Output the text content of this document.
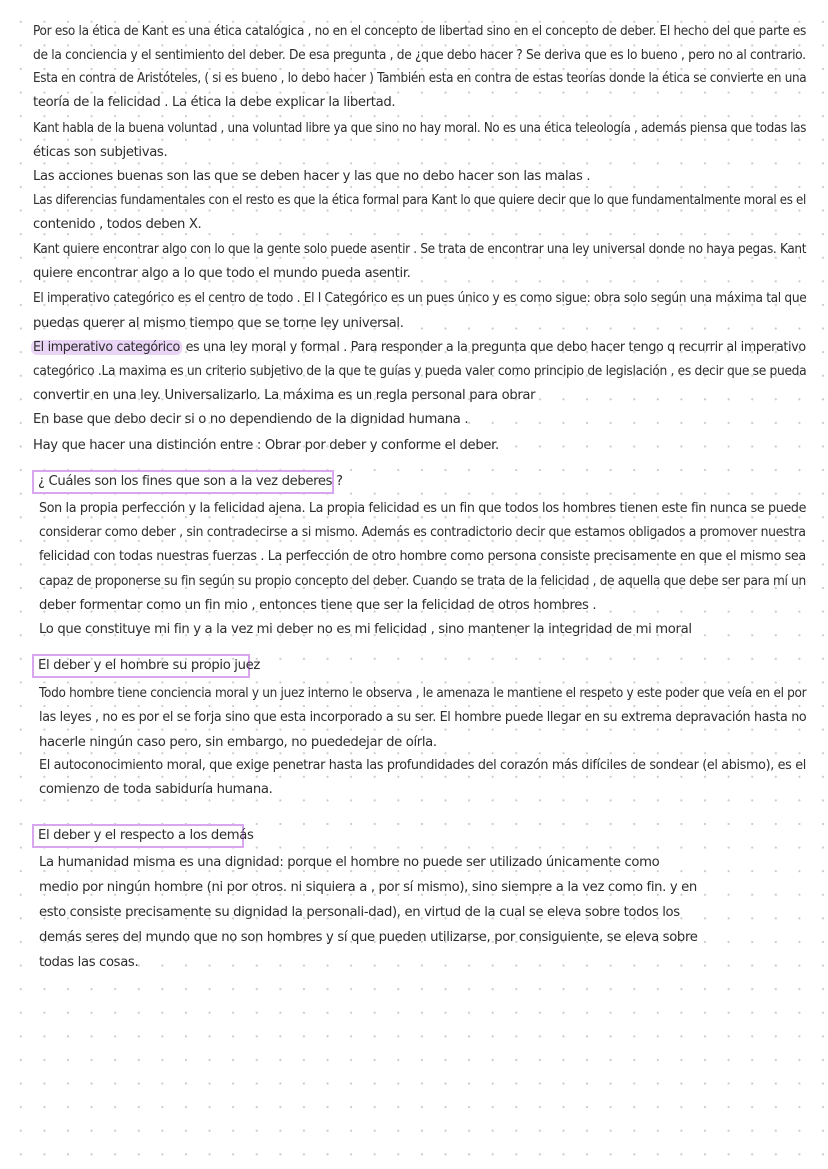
Por eso la ética de Kant es una ética catalógica , no en el concepto de libertad sino en el concepto de deber. El hecho del que parte es
de la conciencia y el sentimiento del deber. De esa pregunta , de ¿que debo hacer ? Se deriva que es lo bueno , pero no al contrario.
Esta en contra de Aristóteles, ( si es bueno , lo debo hacer ) También esta en contra de estas teorías donde la ética se convierte en una
teoría de la felicidad . La ética la debe explicar la libertad.
Kant habla de la buena voluntad , una voluntad libre ya que sino no hay moral. No es una ética teleología , además piensa que todas las
éticas son subjetivas.
Las acciones buenas son las que se deben hacer y las que no debo hacer son las malas .
Las diferencias fundamentales con el resto es que la ética formal para Kant lo que quiere decir que lo que fundamentalmente moral es el
contenido , todos deben X.
Kant quiere encontrar algo con lo que la gente solo puede asentir . Se trata de encontrar una ley universal donde no haya pegas. Kant
quiere encontrar algo a lo que todo el mundo pueda asentir.
El imperativo categórico es el centro de todo . El I Categórico es un pues único y es como sigue: obra solo según una máxima tal que
puedas querer al mismo tiempo que se torne ley universal.
El imperativo categórico es una ley moral y formal . Para responder a la pregunta que debo hacer tengo q recurrir al imperativo
categórico .La maxima es un criterio subjetivo de la que te guías y pueda valer como principio de legislación , es decir que se pueda
convertir en una ley. Universalizarlo. La máxima es un regla personal para obrar
En base que debo decir si o no dependiendo de la dignidad humana .
Hay que hacer una distinción entre : Obrar por deber y conforme el deber.
¿ Cuáles son los fines que son a la vez deberes ?
Son la propia perfección y la felicidad ajena. La propia felicidad es un fin que todos los hombres tienen este fin nunca se puede
considerar como deber , sin contradecirse a si mismo. Además es contradictorio decir que estamos obligados a promover nuestra
felicidad con todas nuestras fuerzas . La perfección de otro hombre como persona consiste precisamente en que el mismo sea
capaz de proponerse su fin según su propio concepto del deber. Cuando se trata de la felicidad , de aquella que debe ser para mí un
deber formentar como un fin mio , entonces tiene que ser la felicidad de otros hombres .
Lo que constituye mi fin y a la vez mi deber no es mi felicidad , sino mantener la integridad de mi moral
El deber y el hombre su propio juez
Todo hombre tiene conciencia moral y un juez interno le observa , le amenaza le mantiene el respeto y este poder que veía en el por
las leyes , no es por el se forja sino que esta incorporado a su ser. El hombre puede llegar en su extrema depravación hasta no
hacerle ningún caso pero, sin embargo, no puededejar de oírla.
El autoconocimiento moral, que exige penetrar hasta las profundidades del corazón más difíciles de sondear (el abismo), es el
comienzo de toda sabiduría humana.
El deber y el respecto a los demás
La humanidad misma es una dignidad: porque el hombre no puede ser utilizado únicamente como
medio por ningún hombre (ni por otros. ni siquiera a , por sí mismo), sino siempre a la vez como fin. y en
esto consiste precisamente su dignidad la personali-dad), en virtud de la cual se eleva sobre todos los
demás seres del mundo que no son hombres y sí que pueden utilizarse, por consiguiente, se eleva sobre
todas las cosas.
